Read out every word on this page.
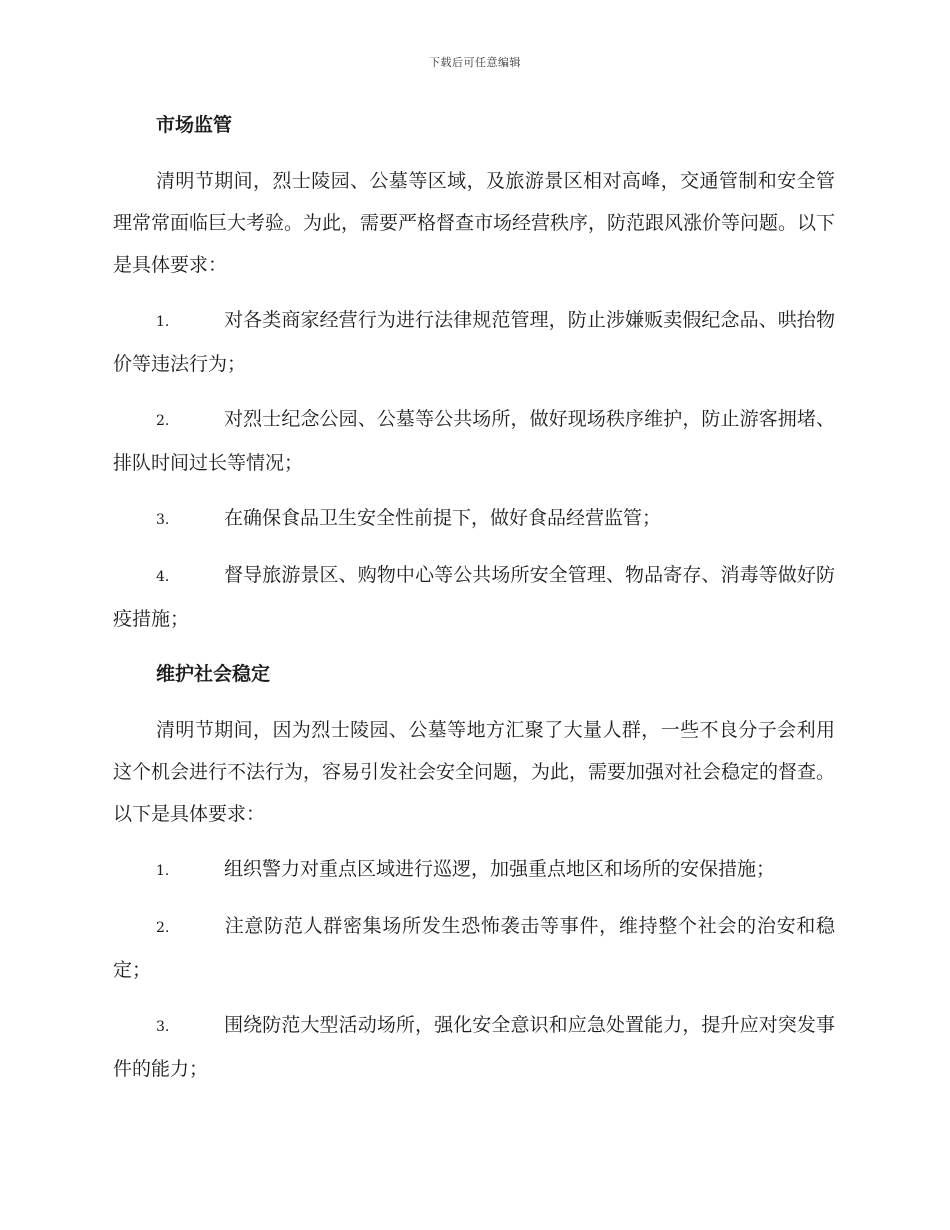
下载后可任意编辑
市场监管

清明节期间，烈士陵园、公墓等区域，及旅游景区相对高峰，交通管制和安全管理常常面临巨大考验。为此，需要严格督查市场经营秩序，防范跟风涨价等问题。以下是具体要求：

1.	对各类商家经营行为进行法律规范管理，防止涉嫌贩卖假纪念品、哄抬物价等违法行为；

2.	对烈士纪念公园、公墓等公共场所，做好现场秩序维护，防止游客拥堵、排队时间过长等情况；

3.	在确保食品卫生安全性前提下，做好食品经营监管；

4.	督导旅游景区、购物中心等公共场所安全管理、物品寄存、消毒等做好防疫措施；

维护社会稳定

清明节期间，因为烈士陵园、公墓等地方汇聚了大量人群，一些不良分子会利用这个机会进行不法行为，容易引发社会安全问题，为此，需要加强对社会稳定的督查。以下是具体要求：

1.	组织警力对重点区域进行巡逻，加强重点地区和场所的安保措施；

2.	注意防范人群密集场所发生恐怖袭击等事件，维持整个社会的治安和稳定；

3.	围绕防范大型活动场所，强化安全意识和应急处置能力，提升应对突发事件的能力；
